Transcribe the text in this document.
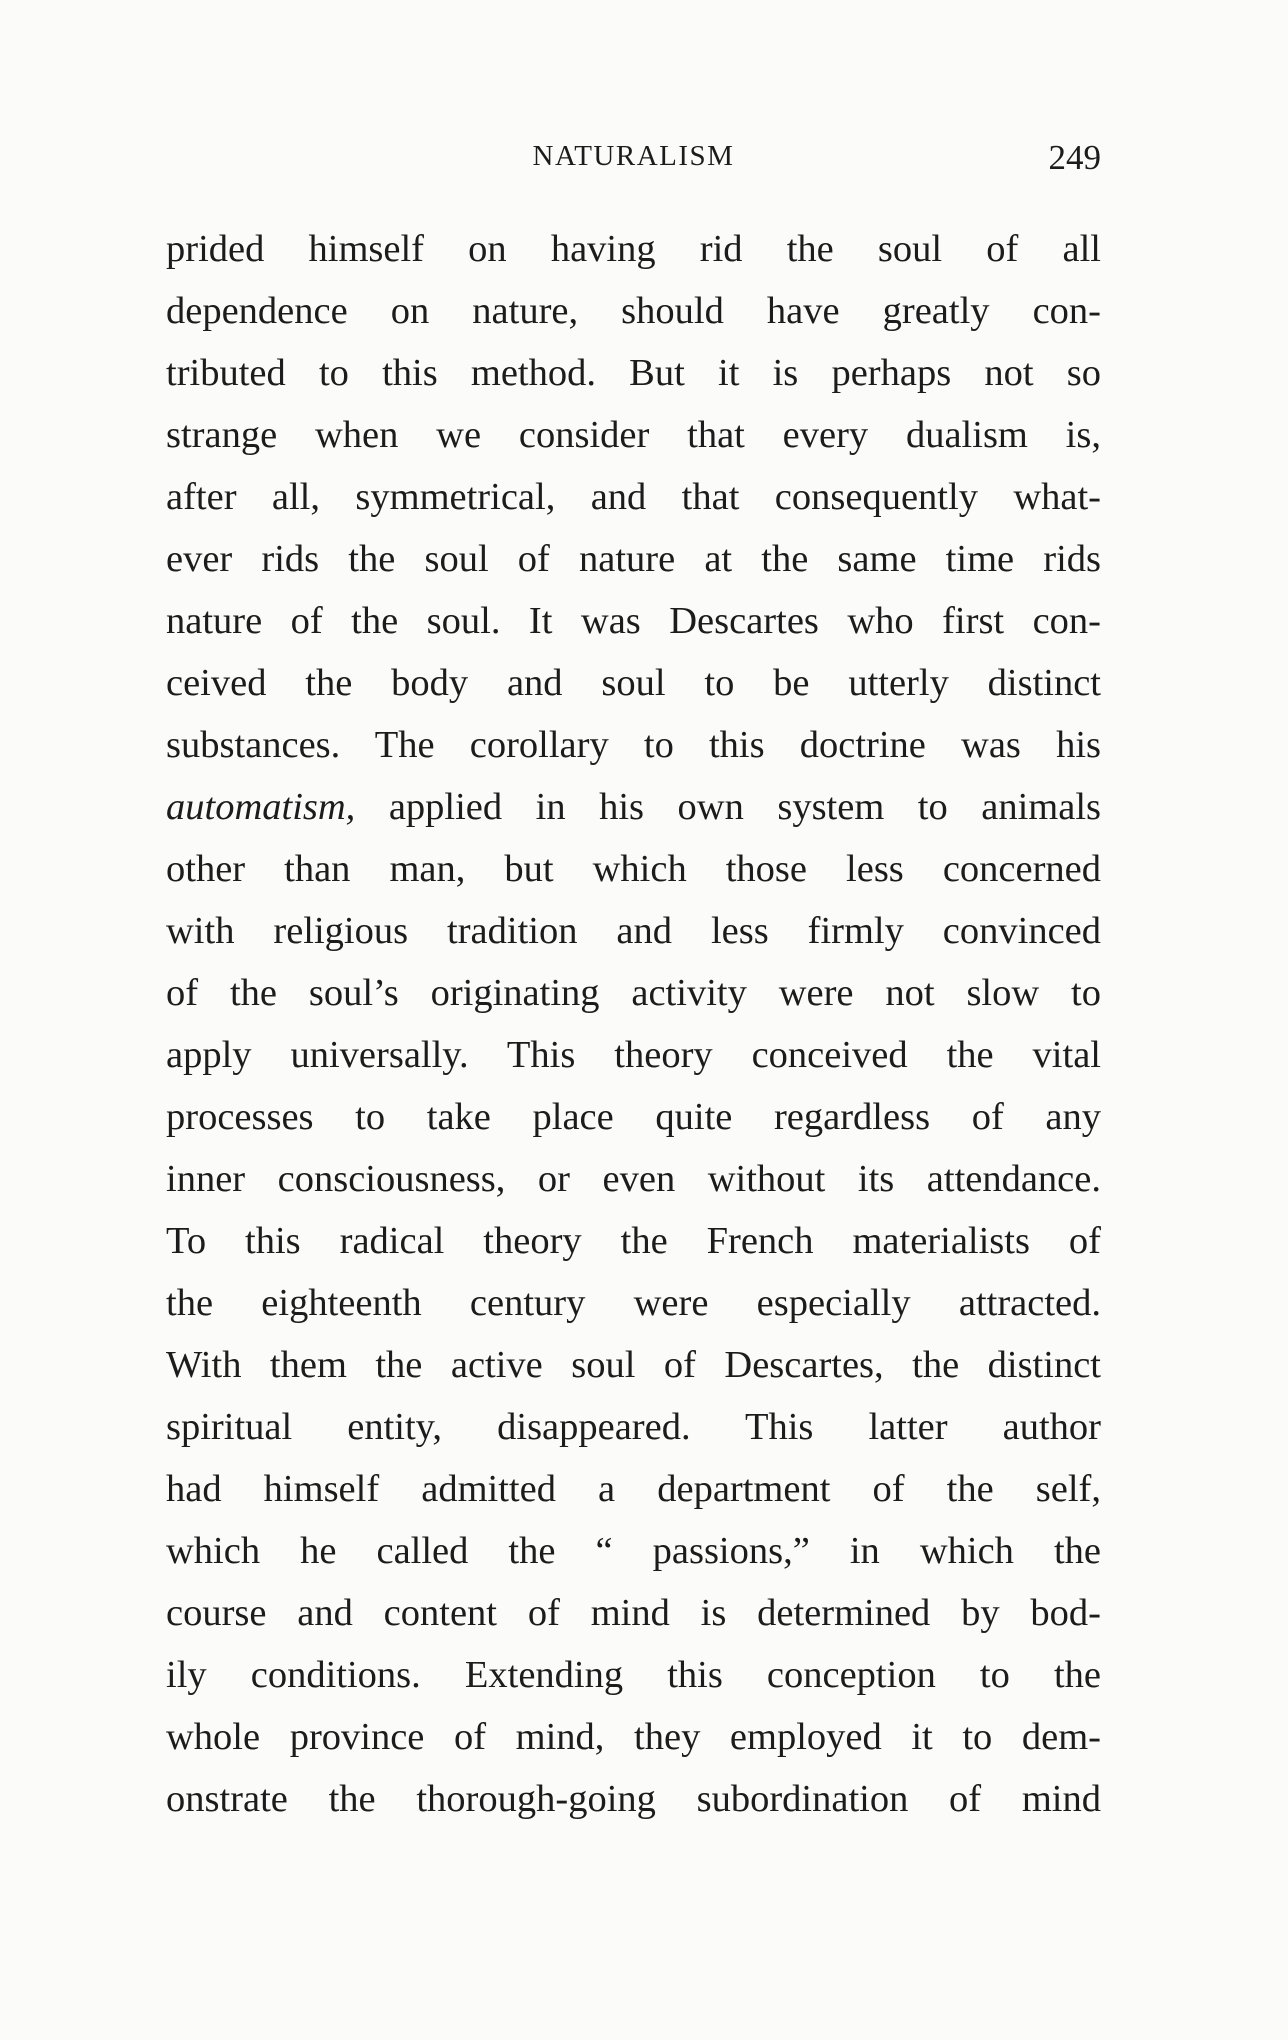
NATURALISM	249
prided himself on having rid the soul of all
dependence on nature, should have greatly con-
tributed to this method. But it is perhaps not so
strange when we consider that every dualism is,
after all, symmetrical, and that consequently what-
ever rids the soul of nature at the same time rids
nature of the soul. It was Descartes who first con-
ceived the body and soul to be utterly distinct
substances. The corollary to this doctrine was his
automatism, applied in his own system to animals
other than man, but which those less concerned
with religious tradition and less firmly convinced
of the soul’s originating activity were not slow to
apply universally. This theory conceived the vital
processes to take place quite regardless of any
inner consciousness, or even without its attendance.
To this radical theory the French materialists of
the eighteenth century were especially attracted.
With them the active soul of Descartes, the distinct
spiritual entity, disappeared. This latter author
had himself admitted a department of the self,
which he called the “ passions,” in which the
course and content of mind is determined by bod-
ily conditions. Extending this conception to the
whole province of mind, they employed it to dem-
onstrate the thorough-going subordination of mind
